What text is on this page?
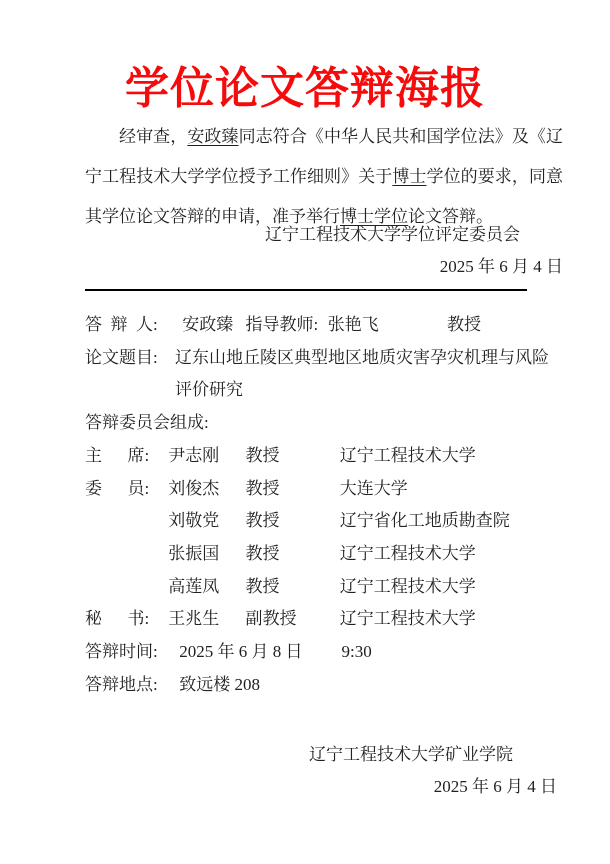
学位论文答辩海报

经审查，安政臻同志符合《中华人民共和国学位法》及《辽宁工程技术大学学位授予工作细则》关于博士学位的要求，同意其学位论文答辩的申请，准予举行博士学位论文答辩。

辽宁工程技术大学学位评定委员会
2025 年 6 月 4 日
答 辩 人: 安政臻 指导教师: 张艳飞	教授
论文题目:	辽东山地丘陵区典型地区地质灾害孕灾机理与风险评价研究
答辩委员会组成:
主　 席: 尹志刚 教授	辽宁工程技术大学
委　 员: 刘俊杰 教授	大连大学
刘敬党 教授	辽宁省化工地质勘查院
张振国 教授	辽宁工程技术大学
高莲凤 教授	辽宁工程技术大学
秘　 书: 王兆生 副教授	辽宁工程技术大学
答辩时间: 2025 年 6 月 8 日 9:30
答辩地点: 致远楼 208
辽宁工程技术大学矿业学院
2025 年 6 月 4 日
